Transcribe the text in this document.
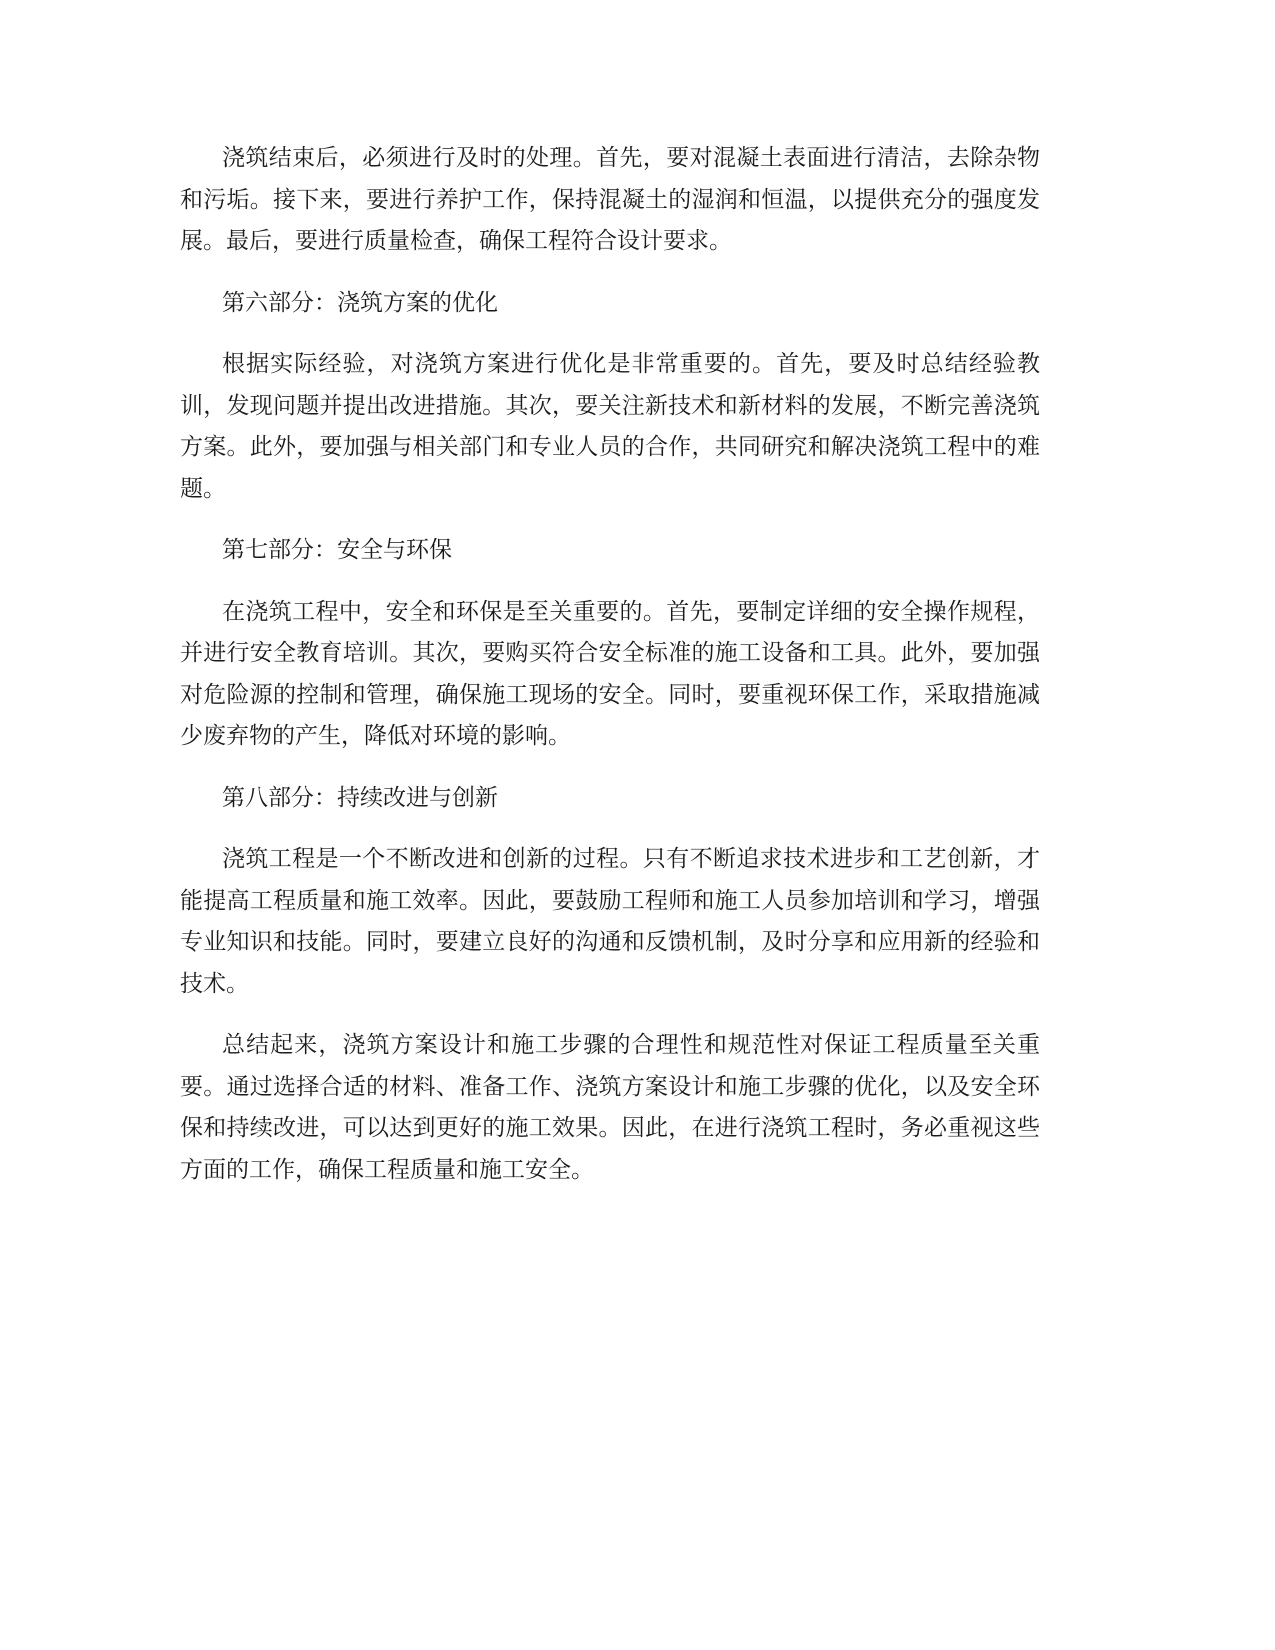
浇筑结束后，必须进行及时的处理。首先，要对混凝土表面进行清洁，去除杂物和污垢。接下来，要进行养护工作，保持混凝土的湿润和恒温，以提供充分的强度发展。最后，要进行质量检查，确保工程符合设计要求。

第六部分：浇筑方案的优化

根据实际经验，对浇筑方案进行优化是非常重要的。首先，要及时总结经验教训，发现问题并提出改进措施。其次，要关注新技术和新材料的发展，不断完善浇筑方案。此外，要加强与相关部门和专业人员的合作，共同研究和解决浇筑工程中的难题。

第七部分：安全与环保

在浇筑工程中，安全和环保是至关重要的。首先，要制定详细的安全操作规程，并进行安全教育培训。其次，要购买符合安全标准的施工设备和工具。此外，要加强对危险源的控制和管理，确保施工现场的安全。同时，要重视环保工作，采取措施减少废弃物的产生，降低对环境的影响。

第八部分：持续改进与创新

浇筑工程是一个不断改进和创新的过程。只有不断追求技术进步和工艺创新，才能提高工程质量和施工效率。因此，要鼓励工程师和施工人员参加培训和学习，增强专业知识和技能。同时，要建立良好的沟通和反馈机制，及时分享和应用新的经验和技术。

总结起来，浇筑方案设计和施工步骤的合理性和规范性对保证工程质量至关重要。通过选择合适的材料、准备工作、浇筑方案设计和施工步骤的优化，以及安全环保和持续改进，可以达到更好的施工效果。因此，在进行浇筑工程时，务必重视这些方面的工作，确保工程质量和施工安全。
